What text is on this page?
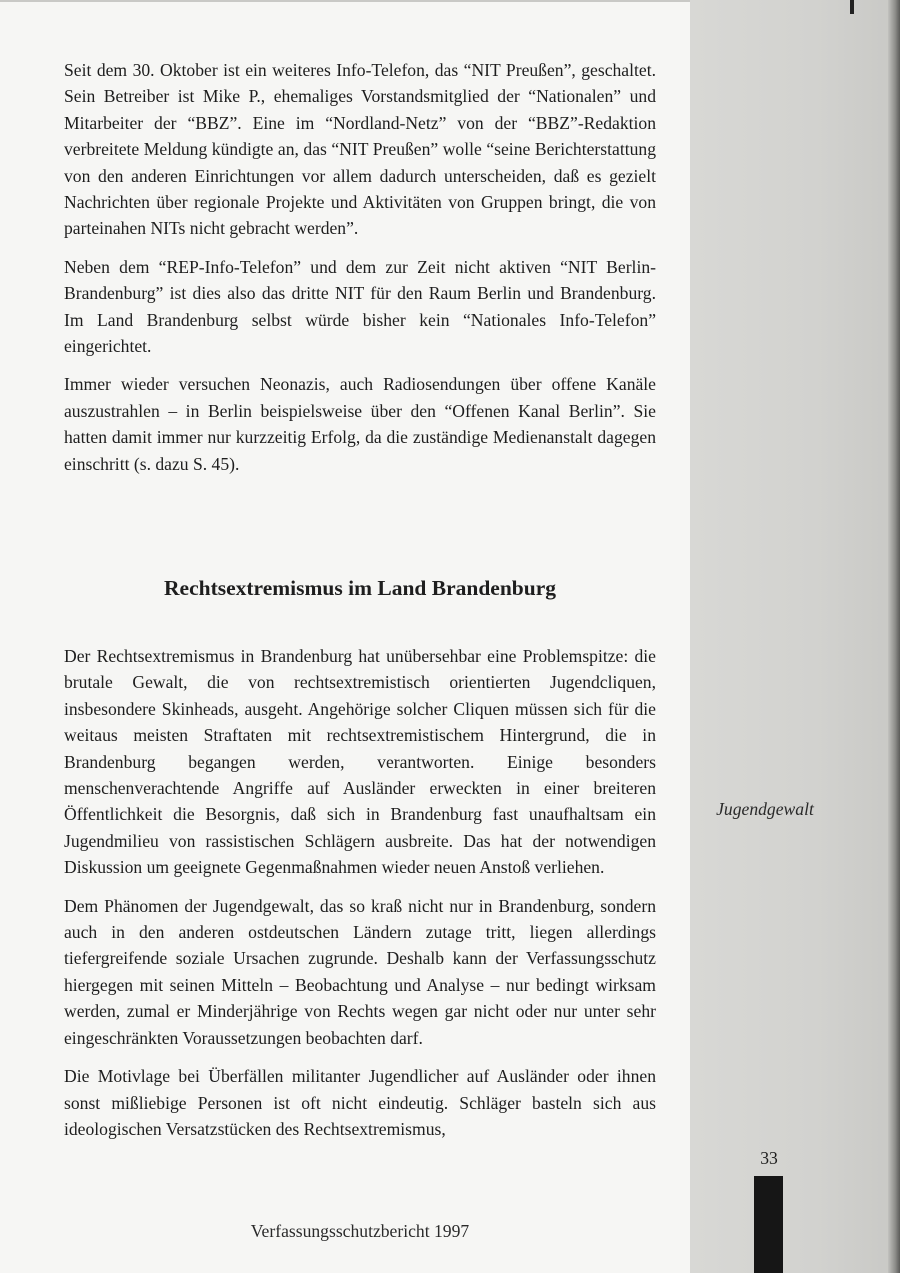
Seit dem 30. Oktober ist ein weiteres Info-Telefon, das “NIT Preußen”, geschaltet. Sein Betreiber ist Mike P., ehemaliges Vorstandsmitglied der “Nationalen” und Mitarbeiter der “BBZ”. Eine im “Nordland-Netz” von der “BBZ”-Redaktion verbreitete Meldung kündigte an, das “NIT Preußen” wolle “seine Berichterstattung von den anderen Einrichtungen vor allem dadurch unterscheiden, daß es gezielt Nachrichten über regionale Projekte und Aktivitäten von Gruppen bringt, die von parteinahen NITs nicht gebracht werden”.

Neben dem “REP-Info-Telefon” und dem zur Zeit nicht aktiven “NIT Berlin-Brandenburg” ist dies also das dritte NIT für den Raum Berlin und Brandenburg. Im Land Brandenburg selbst würde bisher kein “Nationales Info-Telefon” eingerichtet.

Immer wieder versuchen Neonazis, auch Radiosendungen über offene Kanäle auszustrahlen – in Berlin beispielsweise über den “Offenen Kanal Berlin”. Sie hatten damit immer nur kurzzeitig Erfolg, da die zuständige Medienanstalt dagegen einschritt (s. dazu S. 45).

Rechtsextremismus im Land Brandenburg

Der Rechtsextremismus in Brandenburg hat unübersehbar eine Problemspitze: die brutale Gewalt, die von rechtsextremistisch orientierten Jugendcliquen, insbesondere Skinheads, ausgeht. Angehörige solcher Cliquen müssen sich für die weitaus meisten Straftaten mit rechtsextremistischem Hintergrund, die in Brandenburg begangen werden, verantworten. Einige besonders menschenverachtende Angriffe auf Ausländer erweckten in einer breiteren Öffentlichkeit die Besorgnis, daß sich in Brandenburg fast unaufhaltsam ein Jugendmilieu von rassistischen Schlägern ausbreite. Das hat der notwendigen Diskussion um geeignete Gegenmaßnahmen wieder neuen Anstoß verliehen.

Dem Phänomen der Jugendgewalt, das so kraß nicht nur in Brandenburg, sondern auch in den anderen ostdeutschen Ländern zutage tritt, liegen allerdings tiefergreifende soziale Ursachen zugrunde. Deshalb kann der Verfassungsschutz hiergegen mit seinen Mitteln – Beobachtung und Analyse – nur bedingt wirksam werden, zumal er Minderjährige von Rechts wegen gar nicht oder nur unter sehr eingeschränkten Voraussetzungen beobachten darf.

Die Motivlage bei Überfällen militanter Jugendlicher auf Ausländer oder ihnen sonst mißliebige Personen ist oft nicht eindeutig. Schläger basteln sich aus ideologischen Versatzstücken des Rechtsextremismus,

Jugendgewalt
33
Verfassungsschutzbericht 1997
